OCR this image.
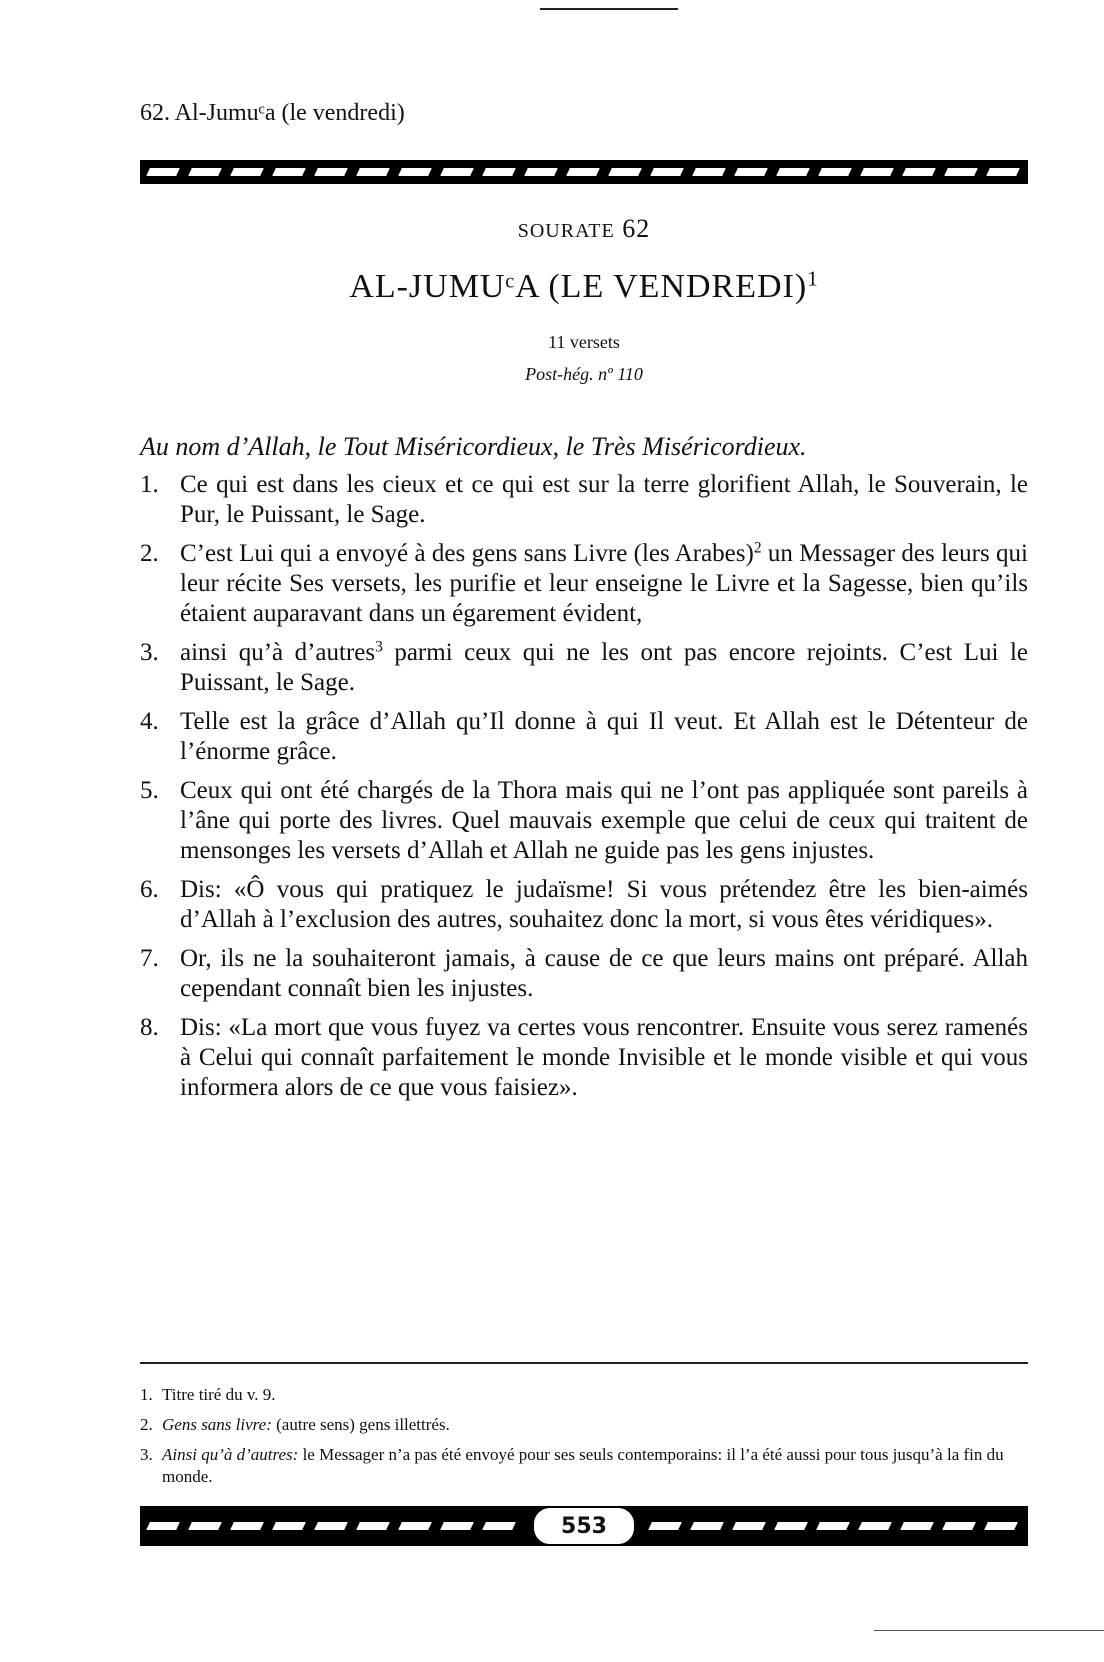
62. Al-Jumuᶜa (le vendredi)
SOURATE 62
AL-JUMUᶜA (LE VENDREDI)$^1$
11 versets
Post-hég. nº 110
Au nom d’Allah, le Tout Miséricordieux, le Très Miséricordieux.
1. Ce qui est dans les cieux et ce qui est sur la terre glorifient Allah, le Souverain, le Pur, le Puissant, le Sage.
2. C’est Lui qui a envoyé à des gens sans Livre (les Arabes)$^2$ un Messager des leurs qui leur récite Ses versets, les purifie et leur enseigne le Livre et la Sagesse, bien qu’ils étaient auparavant dans un égarement évident,
3. ainsi qu’à d’autres$^3$ parmi ceux qui ne les ont pas encore rejoints. C’est Lui le Puissant, le Sage.
4. Telle est la grâce d’Allah qu’Il donne à qui Il veut. Et Allah est le Détenteur de l’énorme grâce.
5. Ceux qui ont été chargés de la Thora mais qui ne l’ont pas appliquée sont pareils à l’âne qui porte des livres. Quel mauvais exemple que celui de ceux qui traitent de mensonges les versets d’Allah et Allah ne guide pas les gens injustes.
6. Dis: «Ô vous qui pratiquez le judaïsme! Si vous prétendez être les bien-aimés d’Allah à l’exclusion des autres, souhaitez donc la mort, si vous êtes véridiques».
7. Or, ils ne la souhaiteront jamais, à cause de ce que leurs mains ont préparé. Allah cependant connaît bien les injustes.
8. Dis: «La mort que vous fuyez va certes vous rencontrer. Ensuite vous serez ramenés à Celui qui connaît parfaitement le monde Invisible et le monde visible et qui vous informera alors de ce que vous faisiez».
1. Titre tiré du v. 9.
2. Gens sans livre: (autre sens) gens illettrés.
3. Ainsi qu’à d’autres: le Messager n’a pas été envoyé pour ses seuls contemporains: il l’a été aussi pour tous jusqu’à la fin du monde.
553
